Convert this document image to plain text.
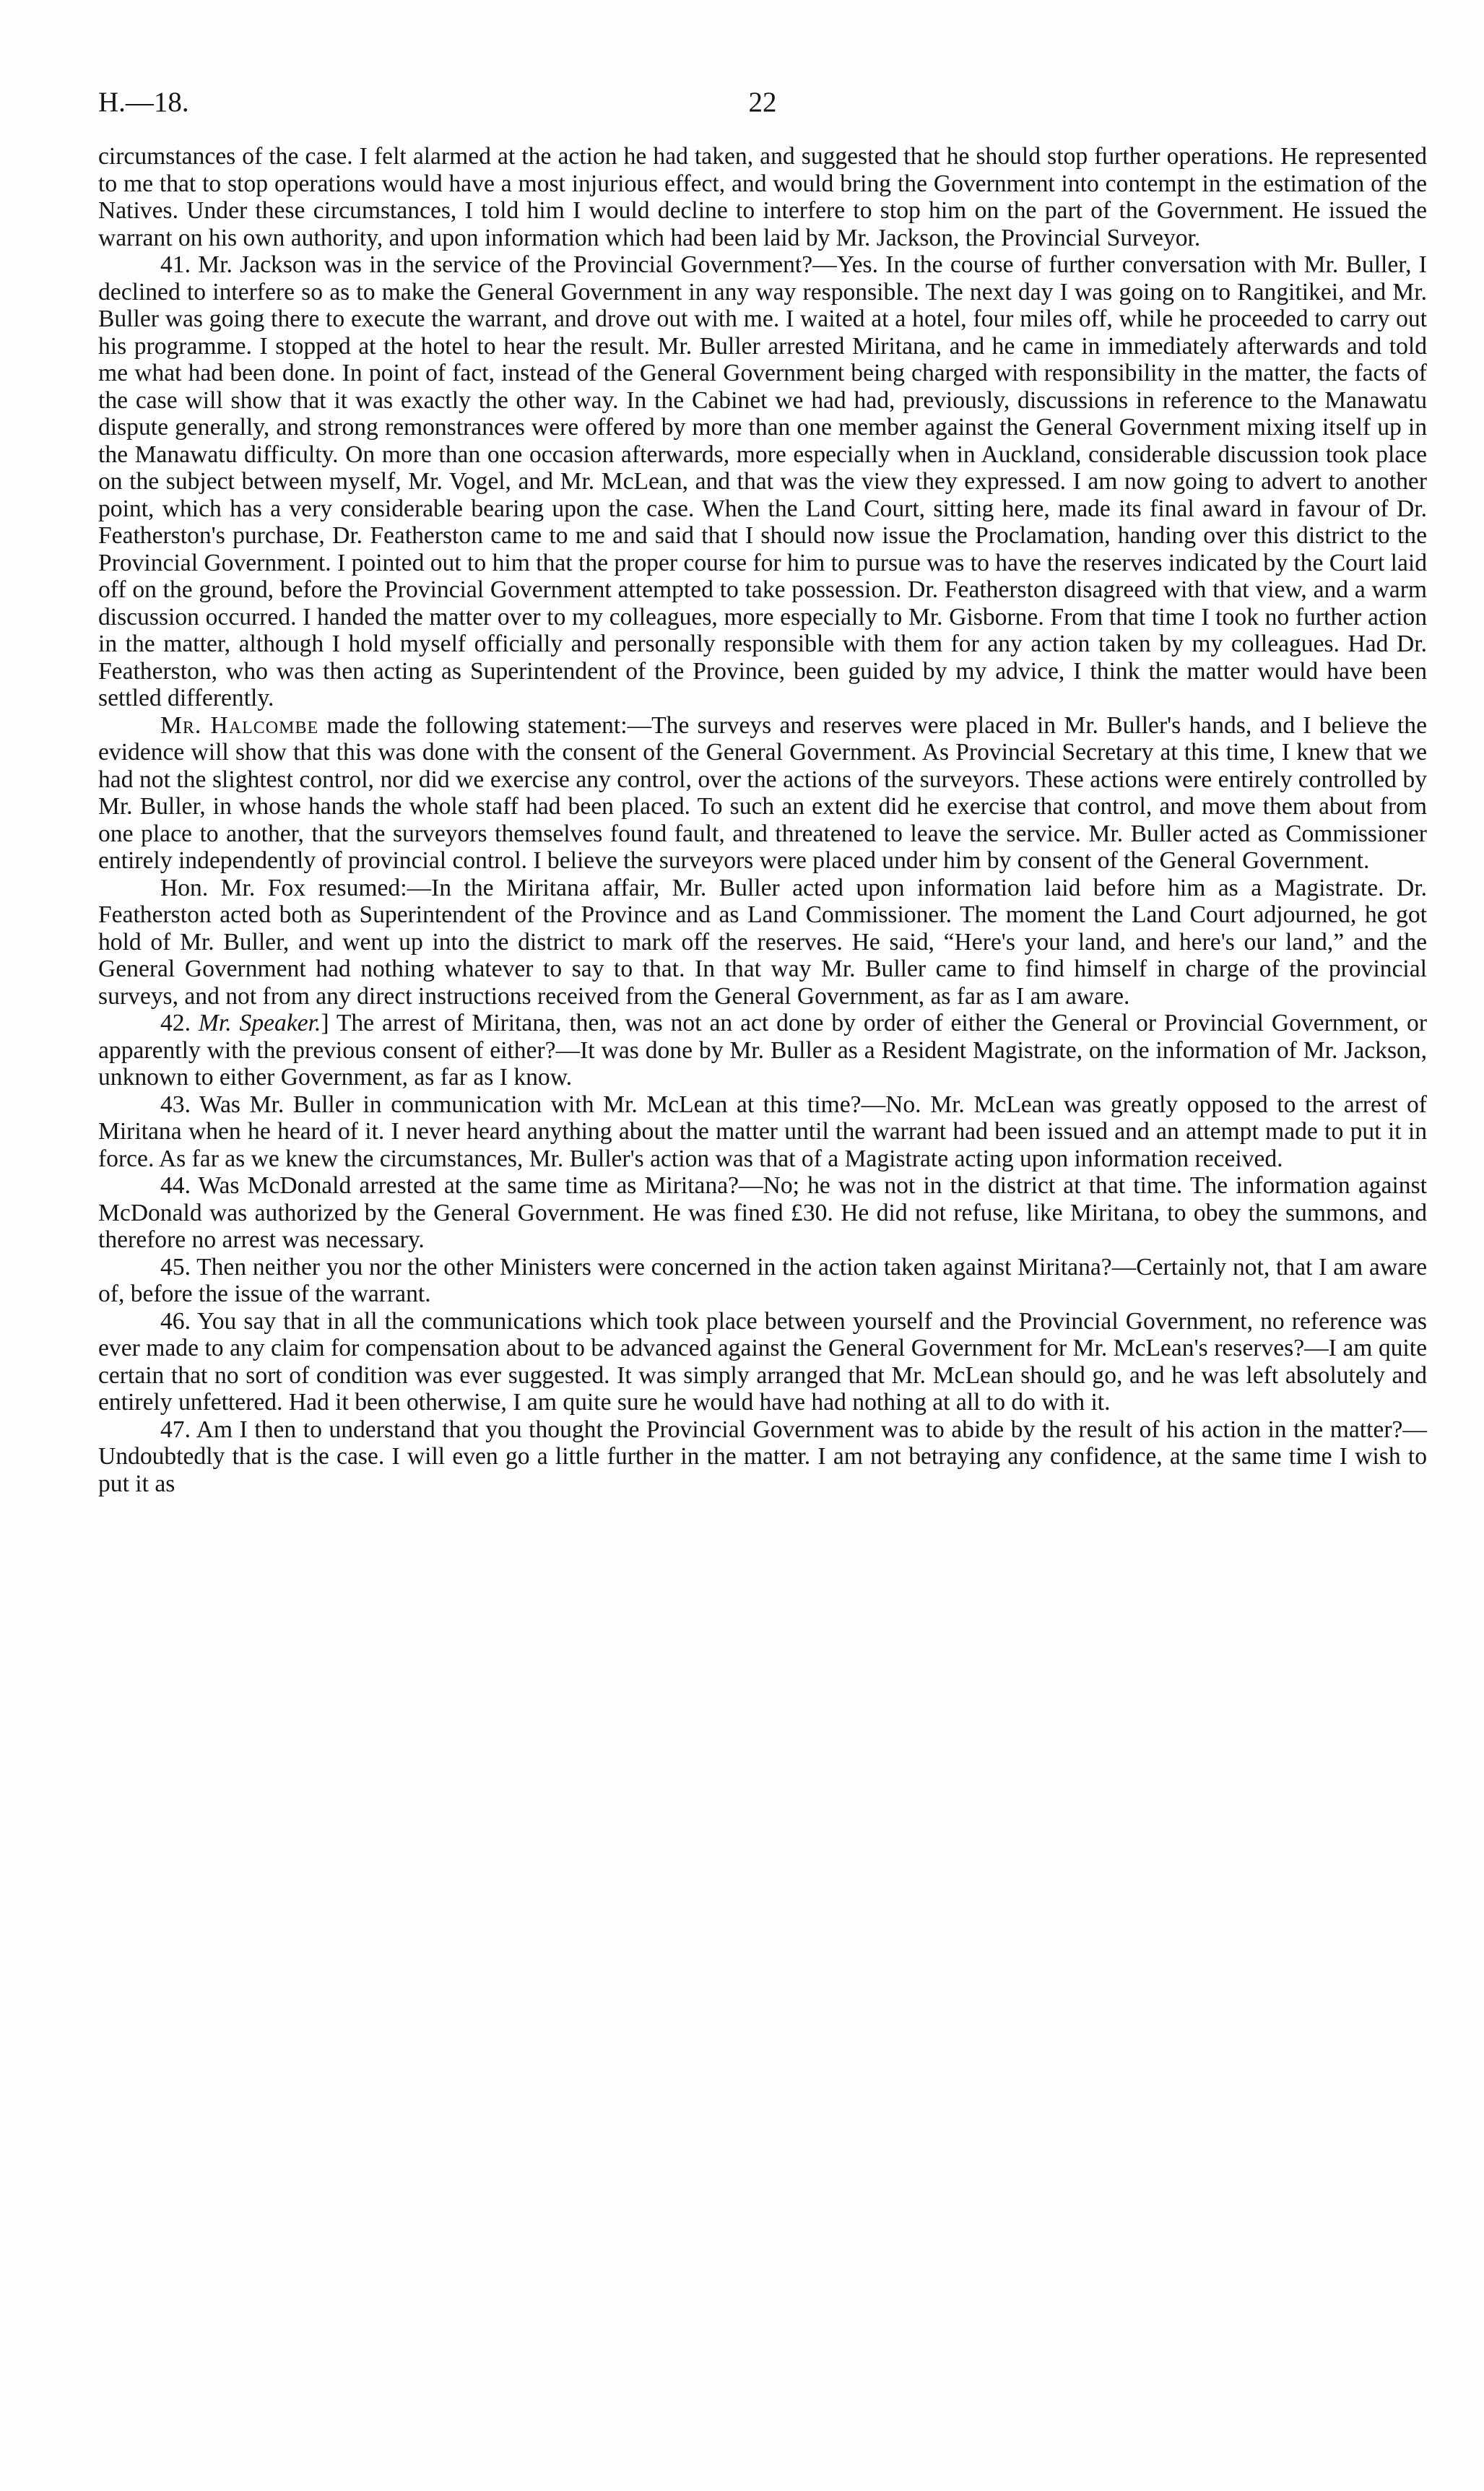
H.—18.	22

circumstances of the case. I felt alarmed at the action he had taken, and suggested that he should stop further operations. He represented to me that to stop operations would have a most injurious effect, and would bring the Government into contempt in the estimation of the Natives. Under these circumstances, I told him I would decline to interfere to stop him on the part of the Government. He issued the warrant on his own authority, and upon information which had been laid by Mr. Jackson, the Provincial Surveyor.

41. Mr. Jackson was in the service of the Provincial Government?—Yes. In the course of further conversation with Mr. Buller, I declined to interfere so as to make the General Government in any way responsible. The next day I was going on to Rangitikei, and Mr. Buller was going there to execute the warrant, and drove out with me. I waited at a hotel, four miles off, while he proceeded to carry out his programme. I stopped at the hotel to hear the result. Mr. Buller arrested Miritana, and he came in immediately afterwards and told me what had been done. In point of fact, instead of the General Government being charged with responsibility in the matter, the facts of the case will show that it was exactly the other way. In the Cabinet we had had, previously, discussions in reference to the Manawatu dispute generally, and strong remonstrances were offered by more than one member against the General Government mixing itself up in the Manawatu difficulty. On more than one occasion afterwards, more especially when in Auckland, considerable discussion took place on the subject between myself, Mr. Vogel, and Mr. McLean, and that was the view they expressed. I am now going to advert to another point, which has a very considerable bearing upon the case. When the Land Court, sitting here, made its final award in favour of Dr. Featherston's purchase, Dr. Featherston came to me and said that I should now issue the Proclamation, handing over this district to the Provincial Government. I pointed out to him that the proper course for him to pursue was to have the reserves indicated by the Court laid off on the ground, before the Provincial Government attempted to take possession. Dr. Featherston disagreed with that view, and a warm discussion occurred. I handed the matter over to my colleagues, more especially to Mr. Gisborne. From that time I took no further action in the matter, although I hold myself officially and personally responsible with them for any action taken by my colleagues. Had Dr. Featherston, who was then acting as Superintendent of the Province, been guided by my advice, I think the matter would have been settled differently.

Mr. Halcombe made the following statement:—The surveys and reserves were placed in Mr. Buller's hands, and I believe the evidence will show that this was done with the consent of the General Government. As Provincial Secretary at this time, I knew that we had not the slightest control, nor did we exercise any control, over the actions of the surveyors. These actions were entirely controlled by Mr. Buller, in whose hands the whole staff had been placed. To such an extent did he exercise that control, and move them about from one place to another, that the surveyors themselves found fault, and threatened to leave the service. Mr. Buller acted as Commissioner entirely independently of provincial control. I believe the surveyors were placed under him by consent of the General Government.

Hon. Mr. Fox resumed:—In the Miritana affair, Mr. Buller acted upon information laid before him as a Magistrate. Dr. Featherston acted both as Superintendent of the Province and as Land Commissioner. The moment the Land Court adjourned, he got hold of Mr. Buller, and went up into the district to mark off the reserves. He said, “Here's your land, and here's our land,” and the General Government had nothing whatever to say to that. In that way Mr. Buller came to find himself in charge of the provincial surveys, and not from any direct instructions received from the General Government, as far as I am aware.

42. Mr. Speaker.] The arrest of Miritana, then, was not an act done by order of either the General or Provincial Government, or apparently with the previous consent of either?—It was done by Mr. Buller as a Resident Magistrate, on the information of Mr. Jackson, unknown to either Government, as far as I know.

43. Was Mr. Buller in communication with Mr. McLean at this time?—No. Mr. McLean was greatly opposed to the arrest of Miritana when he heard of it. I never heard anything about the matter until the warrant had been issued and an attempt made to put it in force. As far as we knew the circumstances, Mr. Buller's action was that of a Magistrate acting upon information received.

44. Was McDonald arrested at the same time as Miritana?—No; he was not in the district at that time. The information against McDonald was authorized by the General Government. He was fined £30. He did not refuse, like Miritana, to obey the summons, and therefore no arrest was necessary.

45. Then neither you nor the other Ministers were concerned in the action taken against Miritana?—Certainly not, that I am aware of, before the issue of the warrant.

46. You say that in all the communications which took place between yourself and the Provincial Government, no reference was ever made to any claim for compensation about to be advanced against the General Government for Mr. McLean's reserves?—I am quite certain that no sort of condition was ever suggested. It was simply arranged that Mr. McLean should go, and he was left absolutely and entirely unfettered. Had it been otherwise, I am quite sure he would have had nothing at all to do with it.

47. Am I then to understand that you thought the Provincial Government was to abide by the result of his action in the matter?—Undoubtedly that is the case. I will even go a little further in the matter. I am not betraying any confidence, at the same time I wish to put it as
